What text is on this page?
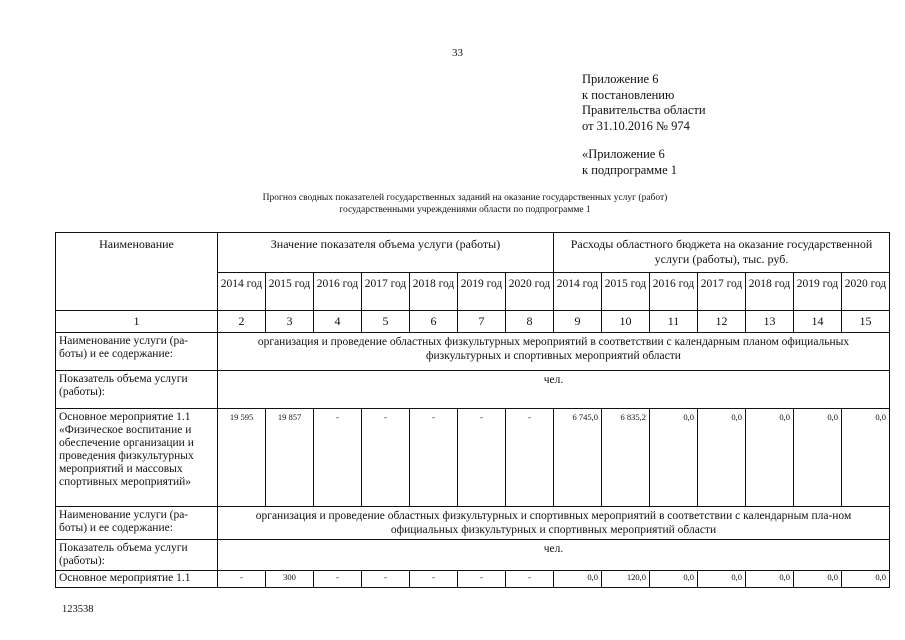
33
Приложение 6
к постановлению
Правительства области
от 31.10.2016 № 974
«Приложение 6
к подпрограмме 1
Прогноз сводных показателей государственных заданий на оказание государственных услуг (работ)
государственными учреждениями области по подпрограмме 1
Наименование	Значение показателя объема услуги (работы)							Расходы областного бюджета на оказание государственной услуги (работы), тыс. руб.						
	2014 год	2015 год	2016 год	2017 год	2018 год	2019 год	2020 год	2014 год	2015 год	2016 год	2017 год	2018 год	2019 год	2020 год
1	2	3	4	5	6	7	8	9	10	11	12	13	14	15
Наименование услуги (ра-боты) и ее содержание:	организация и проведение областных физкультурных мероприятий в соответствии с календарным планом официальных физкультурных и спортивных мероприятий области													
Показатель объема услуги (работы):	чел.													
Основное мероприятие 1.1 «Физическое воспитание и обеспечение организации и проведения физкультурных мероприятий и массовых спортивных мероприятий»	19 595	19 857	-	-	-	-	-	6 745,0	6 835,2	0,0	0,0	0,0	0,0	0,0
Наименование услуги (ра-боты) и ее содержание:	организация и проведение областных физкультурных и спортивных мероприятий в соответствии с календарным пла-ном официальных физкультурных и спортивных мероприятий области													
Показатель объема услуги (работы):	чел.													
Основное мероприятие 1.1	-	300	-	-	-	-	-	0,0	120,0	0,0	0,0	0,0	0,0	0,0
123538
